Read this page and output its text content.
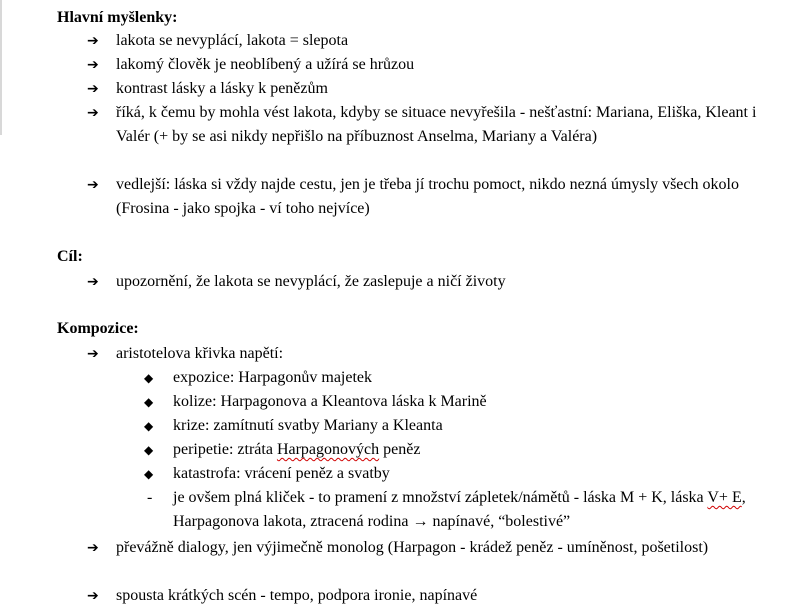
Hlavní myšlenky:
➔ lakota se nevyplácí, lakota = slepota
➔ lakomý člověk je neoblíbený a užírá se hrůzou
➔ kontrast lásky a lásky k penězům
➔ říká, k čemu by mohla vést lakota, kdyby se situace nevyřešila - nešťastní: Mariana, Eliška, Kleant i Valér (+ by se asi nikdy nepřišlo na příbuznost Anselma, Mariany a Valéra)
➔ vedlejší: láska si vždy najde cestu, jen je třeba jí trochu pomoct, nikdo nezná úmysly všech okolo (Frosina - jako spojka - ví toho nejvíce)
Cíl:
➔ upozornění, že lakota se nevyplácí, že zaslepuje a ničí životy
Kompozice:
➔ aristotelova křivka napětí:
◆ expozice: Harpagonův majetek
◆ kolize: Harpagonova a Kleantova láska k Marině
◆ krize: zamítnutí svatby Mariany a Kleanta
◆ peripetie: ztráta Harpagonových peněz
◆ katastrofa: vrácení peněz a svatby
- je ovšem plná kliček - to pramení z množství zápletek/námětů - láska M + K, láska V+ E, Harpagonova lakota, ztracená rodina → napínavé, “bolestivé”
➔ převážně dialogy, jen výjimečně monolog (Harpagon - krádež peněz - umíněnost, pošetilost)
➔ spousta krátkých scén - tempo, podpora ironie, napínavé
